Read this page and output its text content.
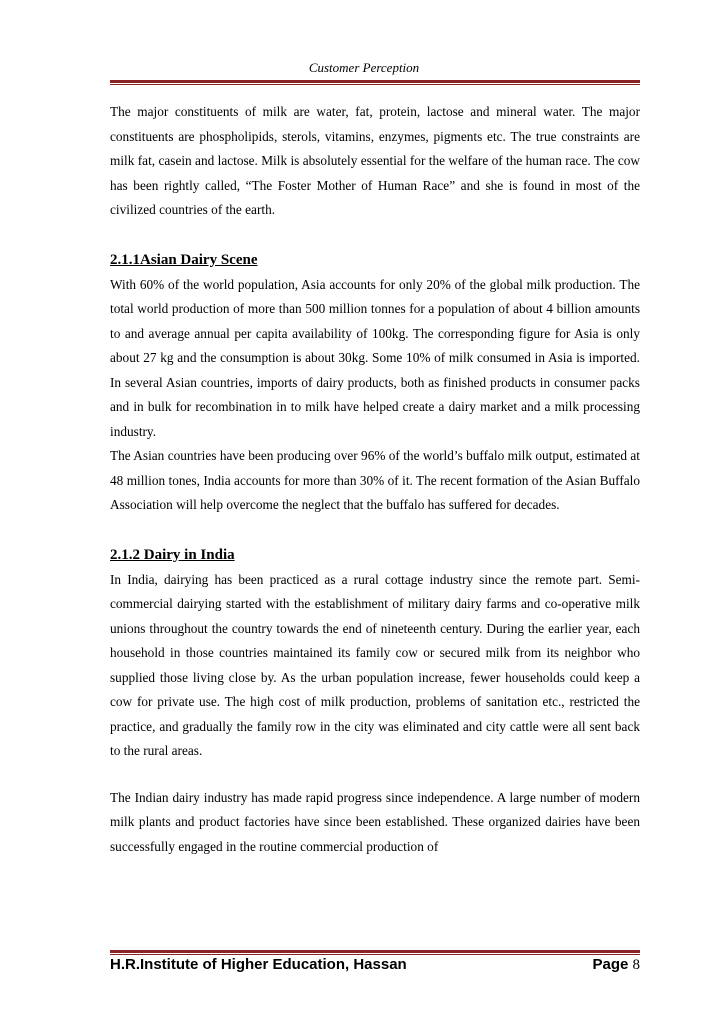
Customer Perception

The major constituents of milk are water, fat, protein, lactose and mineral water. The major constituents are phospholipids, sterols, vitamins, enzymes, pigments etc. The true constraints are milk fat, casein and lactose. Milk is absolutely essential for the welfare of the human race. The cow has been rightly called, “The Foster Mother of Human Race” and she is found in most of the civilized countries of the earth.

2.1.1Asian Dairy Scene

With 60% of the world population, Asia accounts for only 20% of the global milk production. The total world production of more than 500 million tonnes for a population of about 4 billion amounts to and average annual per capita availability of 100kg. The corresponding figure for Asia is only about 27 kg and the consumption is about 30kg. Some 10% of milk consumed in Asia is imported. In several Asian countries, imports of dairy products, both as finished products in consumer packs and in bulk for recombination in to milk have helped create a dairy market and a milk processing industry.

The Asian countries have been producing over 96% of the world’s buffalo milk output, estimated at 48 million tones, India accounts for more than 30% of it. The recent formation of the Asian Buffalo Association will help overcome the neglect that the buffalo has suffered for decades.

2.1.2 Dairy in India

In India, dairying has been practiced as a rural cottage industry since the remote part. Semi-commercial dairying started with the establishment of military dairy farms and co-operative milk unions throughout the country towards the end of nineteenth century. During the earlier year, each household in those countries maintained its family cow or secured milk from its neighbor who supplied those living close by. As the urban population increase, fewer households could keep a cow for private use. The high cost of milk production, problems of sanitation etc., restricted the practice, and gradually the family row in the city was eliminated and city cattle were all sent back to the rural areas.

The Indian dairy industry has made rapid progress since independence. A large number of modern milk plants and product factories have since been established. These organized dairies have been successfully engaged in the routine commercial production of

H.R.Institute of Higher Education, Hassan	Page 8
